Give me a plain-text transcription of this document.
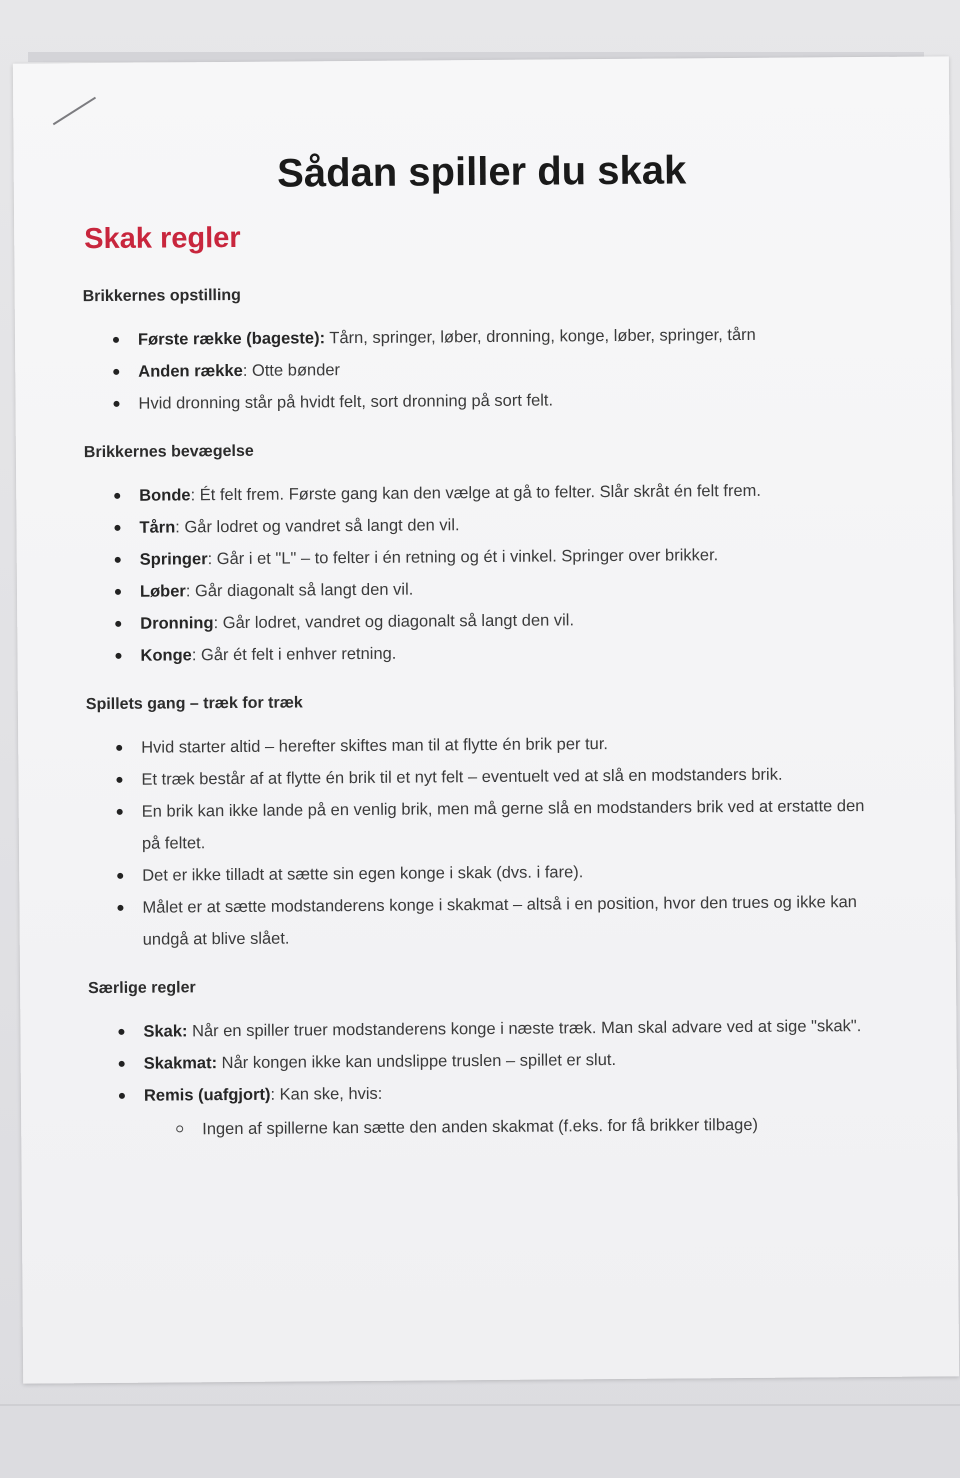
Sådan spiller du skak
Skak regler
Brikkernes opstilling
Første række (bageste): Tårn, springer, løber, dronning, konge, løber, springer, tårn
Anden række: Otte bønder
Hvid dronning står på hvidt felt, sort dronning på sort felt.
Brikkernes bevægelse
Bonde: Ét felt frem. Første gang kan den vælge at gå to felter. Slår skråt én felt frem.
Tårn: Går lodret og vandret så langt den vil.
Springer: Går i et "L" – to felter i én retning og ét i vinkel. Springer over brikker.
Løber: Går diagonalt så langt den vil.
Dronning: Går lodret, vandret og diagonalt så langt den vil.
Konge: Går ét felt i enhver retning.
Spillets gang – træk for træk
Hvid starter altid – herefter skiftes man til at flytte én brik per tur.
Et træk består af at flytte én brik til et nyt felt – eventuelt ved at slå en modstanders brik.
En brik kan ikke lande på en venlig brik, men må gerne slå en modstanders brik ved at erstatte den på feltet.
Det er ikke tilladt at sætte sin egen konge i skak (dvs. i fare).
Målet er at sætte modstanderens konge i skakmat – altså i en position, hvor den trues og ikke kan undgå at blive slået.
Særlige regler
Skak: Når en spiller truer modstanderens konge i næste træk. Man skal advare ved at sige "skak".
Skakmat: Når kongen ikke kan undslippe truslen – spillet er slut.
Remis (uafgjort): Kan ske, hvis:
Ingen af spillerne kan sætte den anden skakmat (f.eks. for få brikker tilbage)
